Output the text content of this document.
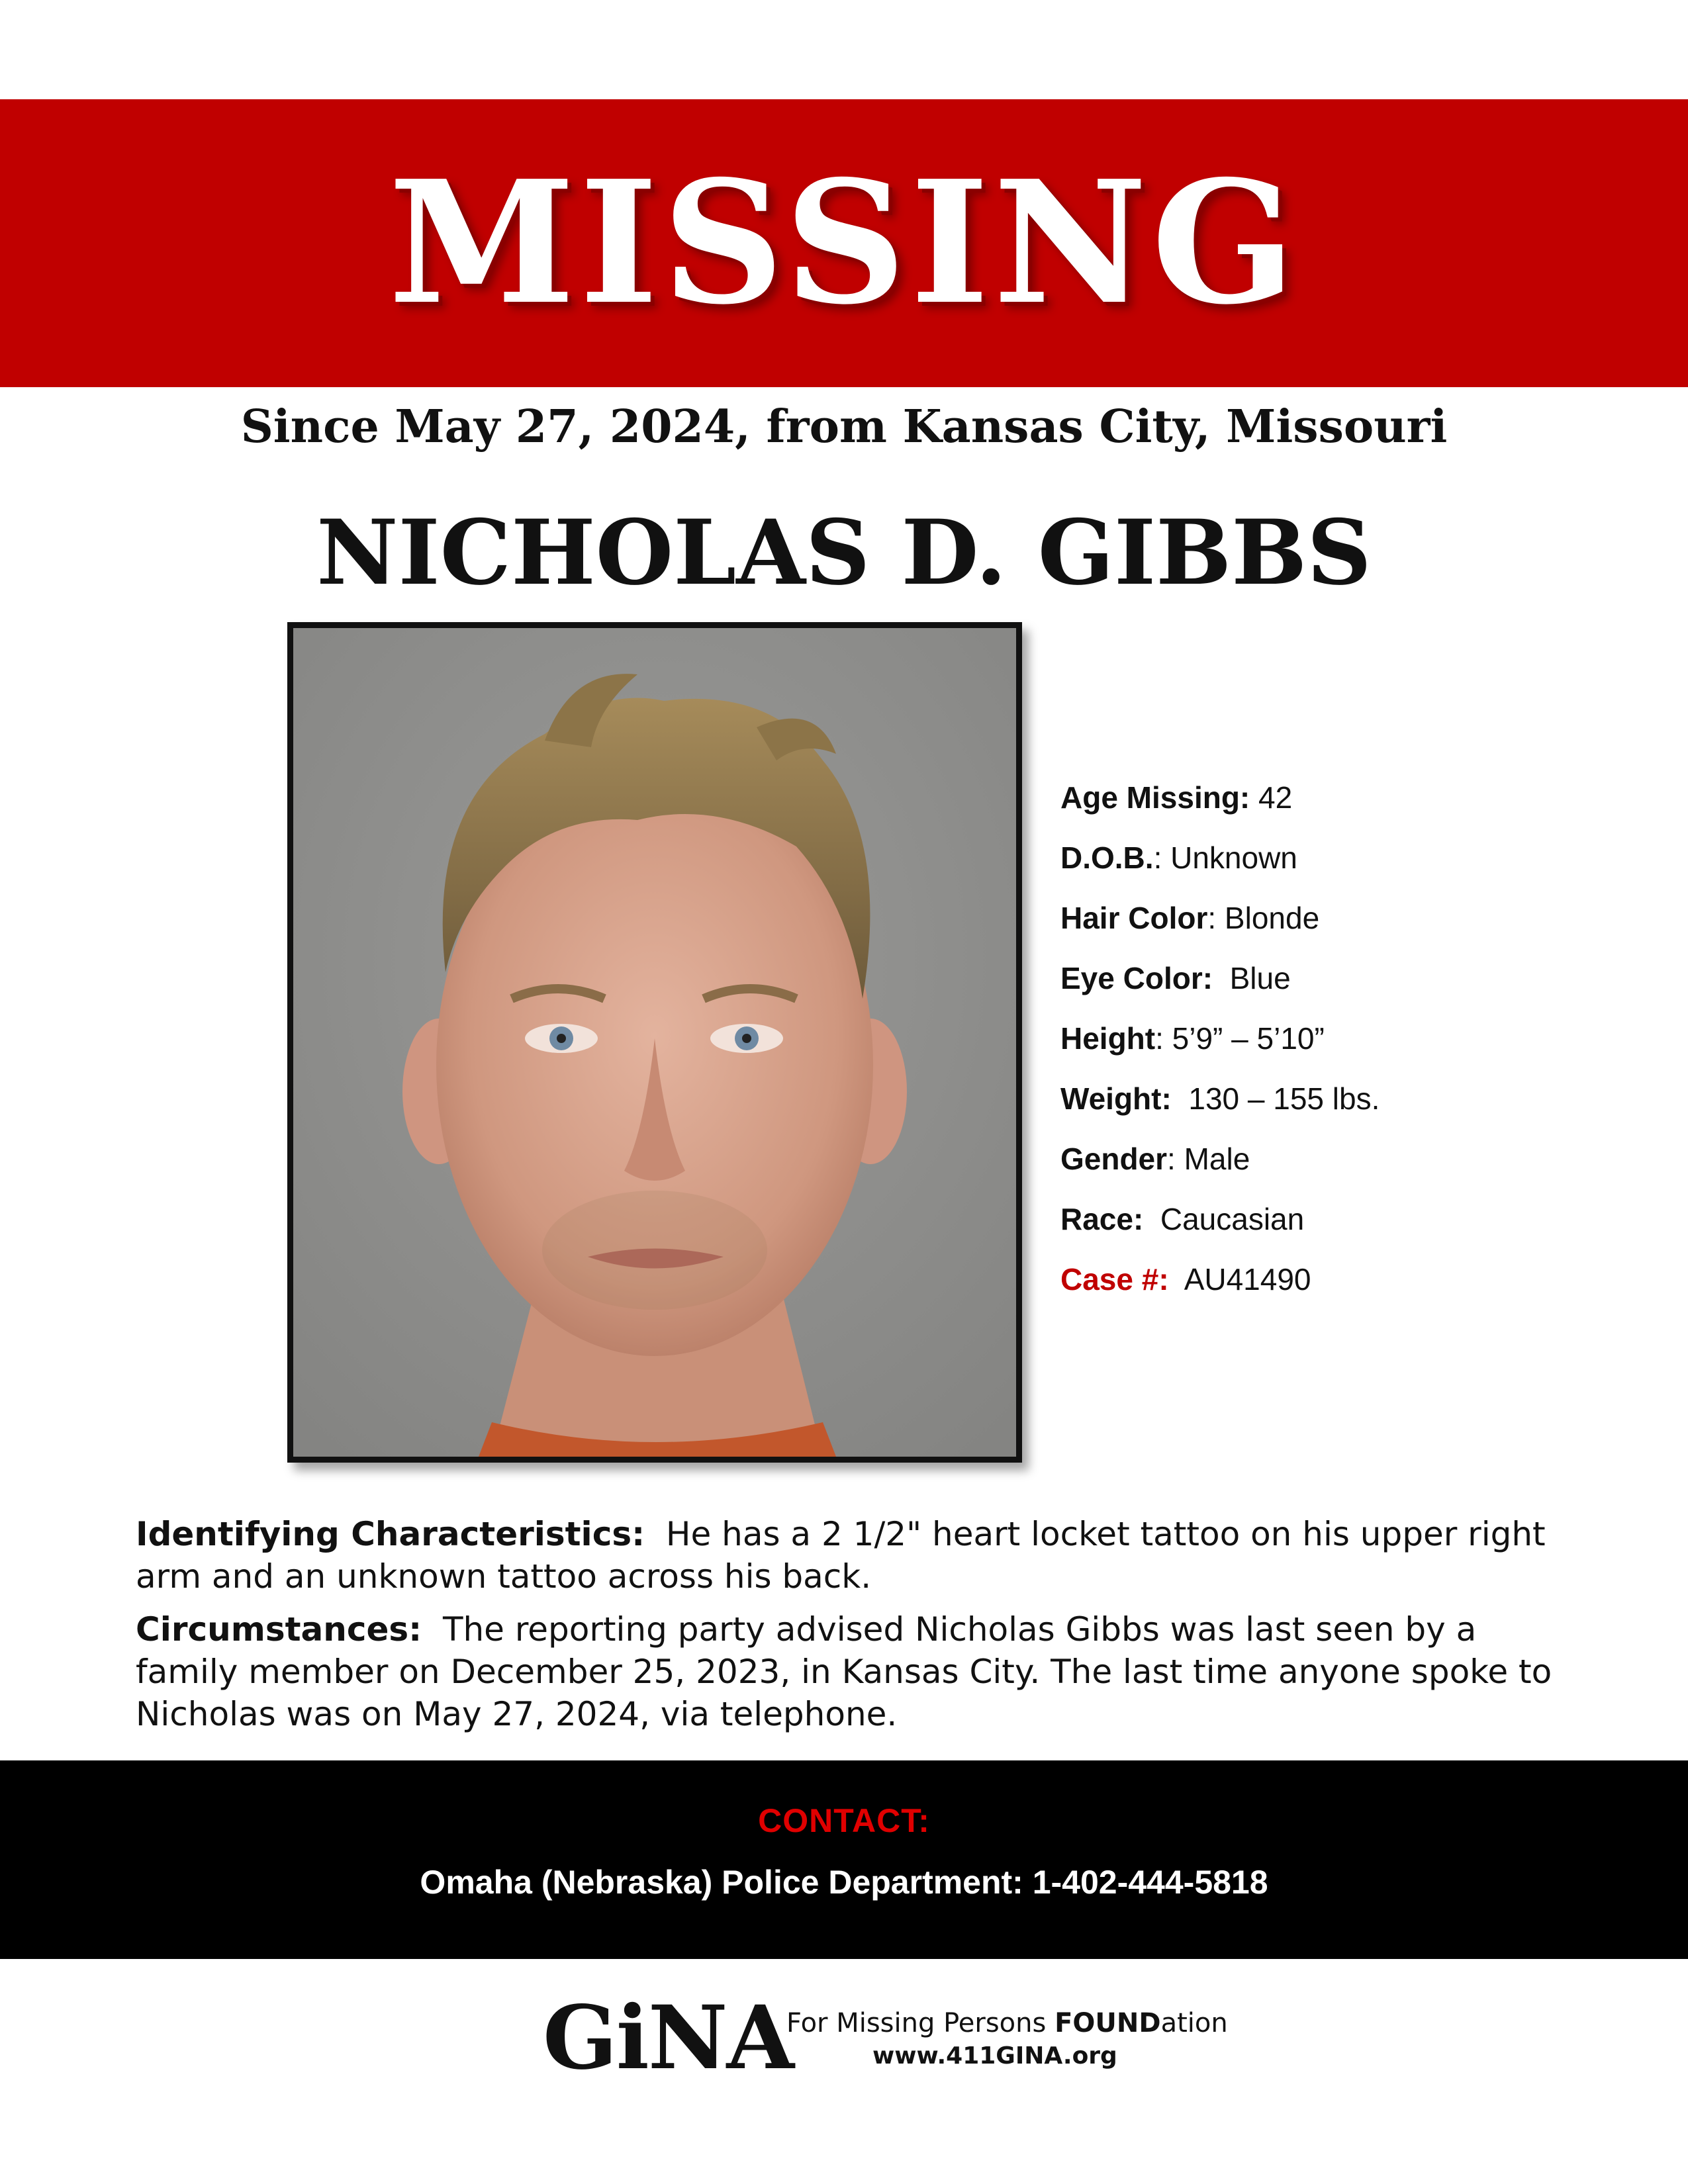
MISSING
Since May 27, 2024, from Kansas City, Missouri
NICHOLAS D. GIBBS
Age Missing: 42
D.O.B.: Unknown
Hair Color: Blonde
Eye Color: Blue
Height: 5’9” – 5’10”
Weight: 130 – 155 lbs.
Gender: Male
Race: Caucasian
Case #: AU41490
Identifying Characteristics: He has a 2 1/2" heart locket tattoo on his upper right arm and an unknown tattoo across his back.
Circumstances: The reporting party advised Nicholas Gibbs was last seen by a family member on December 25, 2023, in Kansas City. The last time anyone spoke to Nicholas was on May 27, 2024, via telephone.
CONTACT:
Omaha (Nebraska) Police Department: 1-402-444-5818
GiNA
For Missing Persons FOUNDation
www.411GINA.org
